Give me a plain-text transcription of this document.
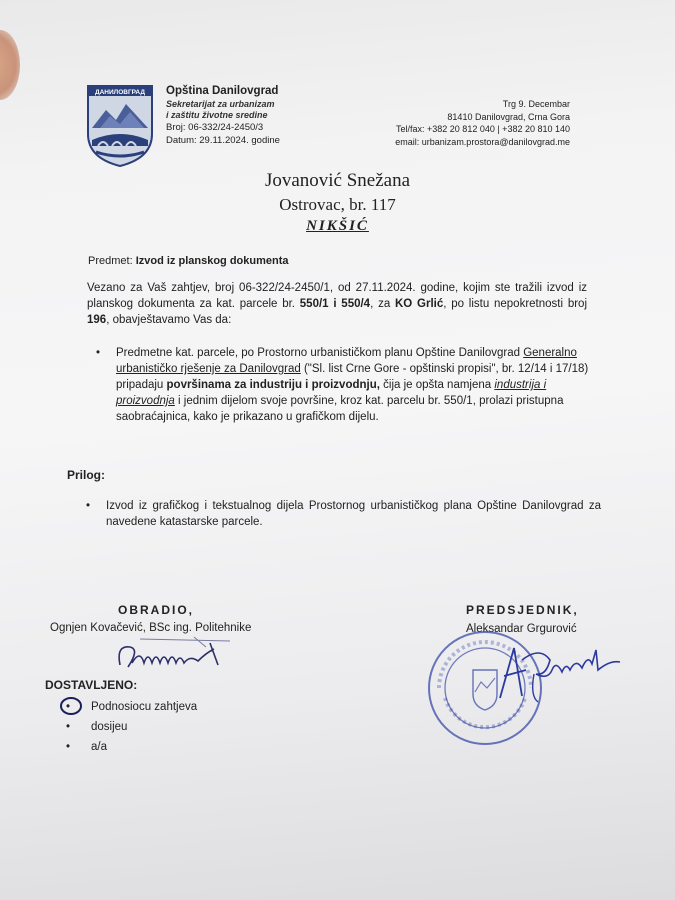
ДАНИЛОВГРАД Opština Danilovgrad
Sekretarijat za urbanizam
i zaštitu životne sredine
Broj: 06-332/24-2450/3
Datum: 29.11.2024. godine
Trg 9. Decembar
81410 Danilovgrad, Crna Gora
Tel/fax: +382 20 812 040 | +382 20 810 140
email: urbanizam.prostora@danilovgrad.me
Jovanović Snežana
Ostrovac, br. 117
NIKŠIĆ
Predmet: Izvod iz planskog dokumenta
Vezano za Vaš zahtjev, broj 06-322/24-2450/1, od 27.11.2024. godine, kojim ste tražili izvod iz planskog dokumenta za kat. parcele br. 550/1 i 550/4, za KO Grlić, po listu nepokretnosti broj 196, obavještavamo Vas da:
•	Predmetne kat. parcele, po Prostorno urbanističkom planu Opštine Danilovgrad Generalno urbanističko rješenje za Danilovgrad ("Sl. list Crne Gore - opštinski propisi", br. 12/14 i 17/18) pripadaju površinama za industriju i proizvodnju, čija je opšta namjena industrija i proizvodnja i jednim dijelom svoje površine, kroz kat. parcelu br. 550/1, prolazi pristupna saobraćajnica, kako je prikazano u grafičkom dijelu.
Prilog:
•	Izvod iz grafičkog i tekstualnog dijela Prostornog urbanističkog plana Opštine Danilovgrad za navedene katastarske parcele.
OBRADIO,
Ognjen Kovačević, BSc ing. Politehnike
PREDSJEDNIK,
Aleksandar Grgurović
DOSTAVLJENO:
• Podnosiocu zahtjeva
• dosijeu
• a/a
